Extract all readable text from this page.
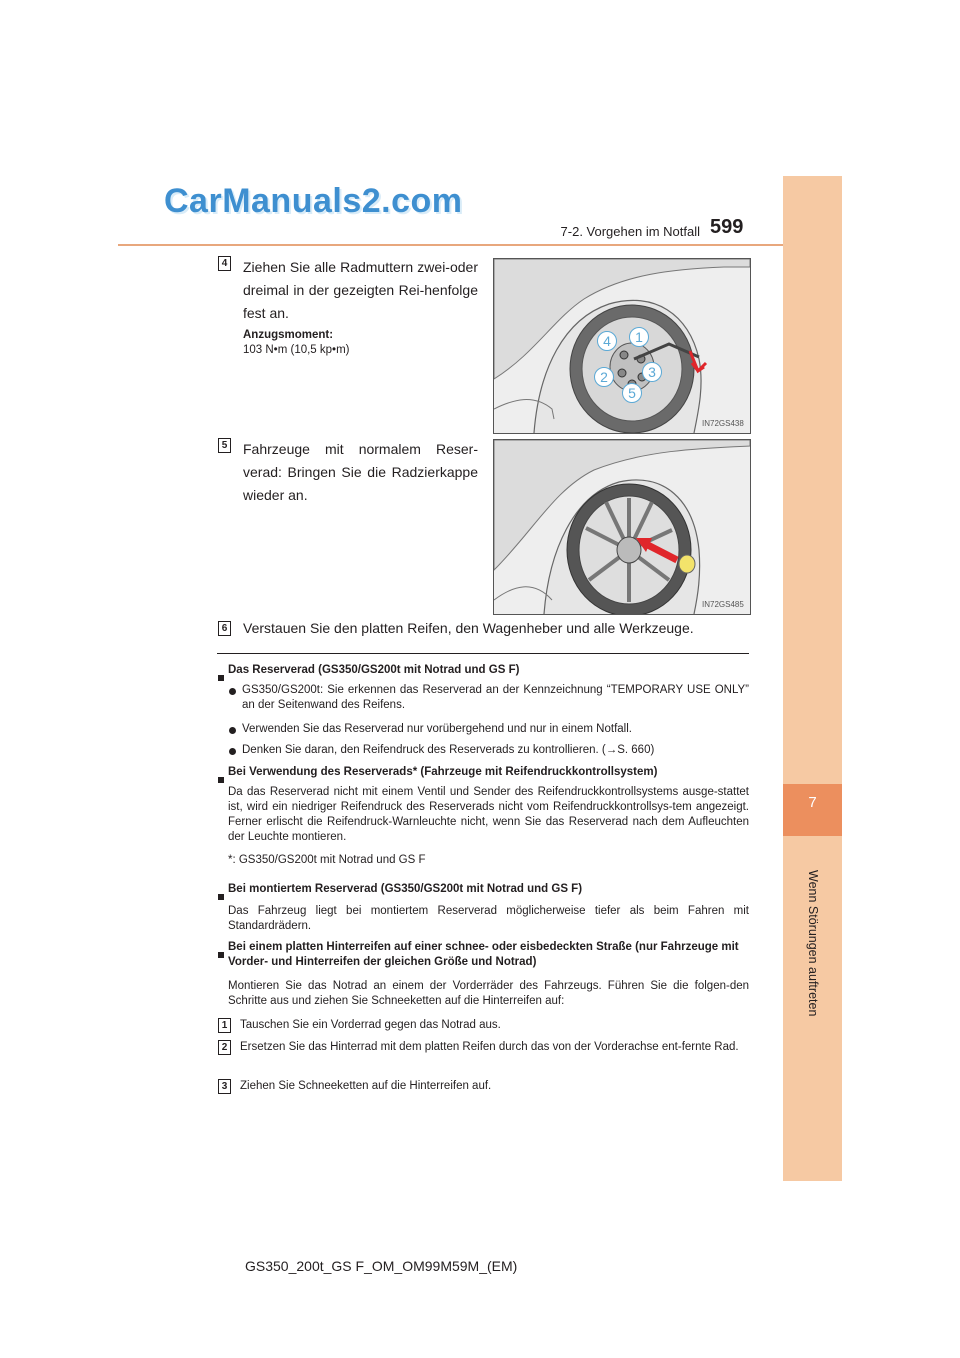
CarManuals2.com
7-2. Vorgehen im Notfall 599
7
Wenn Störungen auftreten
4 Ziehen Sie alle Radmuttern zwei-oder dreimal in der gezeigten Rei-henfolge fest an.
Anzugsmoment:
103 N•m (10,5 kp•m)
4	1
3
2
5
IN72GS438
5 Fahrzeuge mit normalem Reser-verad: Bringen Sie die Radzierkappe wieder an.
IN72GS485
6 Verstauen Sie den platten Reifen, den Wagenheber und alle Werkzeuge.
Das Reserverad (GS350/GS200t mit Notrad und GS F)
GS350/GS200t: Sie erkennen das Reserverad an der Kennzeichnung “TEMPORARY USE ONLY” an der Seitenwand des Reifens.
Verwenden Sie das Reserverad nur vorübergehend und nur in einem Notfall.
Denken Sie daran, den Reifendruck des Reserverads zu kontrollieren. (→S. 660)
Bei Verwendung des Reserverads* (Fahrzeuge mit Reifendruckkontrollsystem)
Da das Reserverad nicht mit einem Ventil und Sender des Reifendruckkontrollsystems ausge-stattet ist, wird ein niedriger Reifendruck des Reserverads nicht vom Reifendruckkontrollsys-tem angezeigt. Ferner erlischt die Reifendruck-Warnleuchte nicht, wenn Sie das Reserverad nach dem Aufleuchten der Leuchte montieren.
*: GS350/GS200t mit Notrad und GS F
Bei montiertem Reserverad (GS350/GS200t mit Notrad und GS F)
Das Fahrzeug liegt bei montiertem Reserverad möglicherweise tiefer als beim Fahren mit Standardrädern.
Bei einem platten Hinterreifen auf einer schnee- oder eisbedeckten Straße (nur Fahrzeuge mit Vorder- und Hinterreifen der gleichen Größe und Notrad)
Montieren Sie das Notrad an einem der Vorderräder des Fahrzeugs. Führen Sie die folgen-den Schritte aus und ziehen Sie Schneeketten auf die Hinterreifen auf:
1	Tauschen Sie ein Vorderrad gegen das Notrad aus.
2	Ersetzen Sie das Hinterrad mit dem platten Reifen durch das von der Vorderachse ent-fernte Rad.
3	Ziehen Sie Schneeketten auf die Hinterreifen auf.
GS350_200t_GS F_OM_OM99M59M_(EM)
